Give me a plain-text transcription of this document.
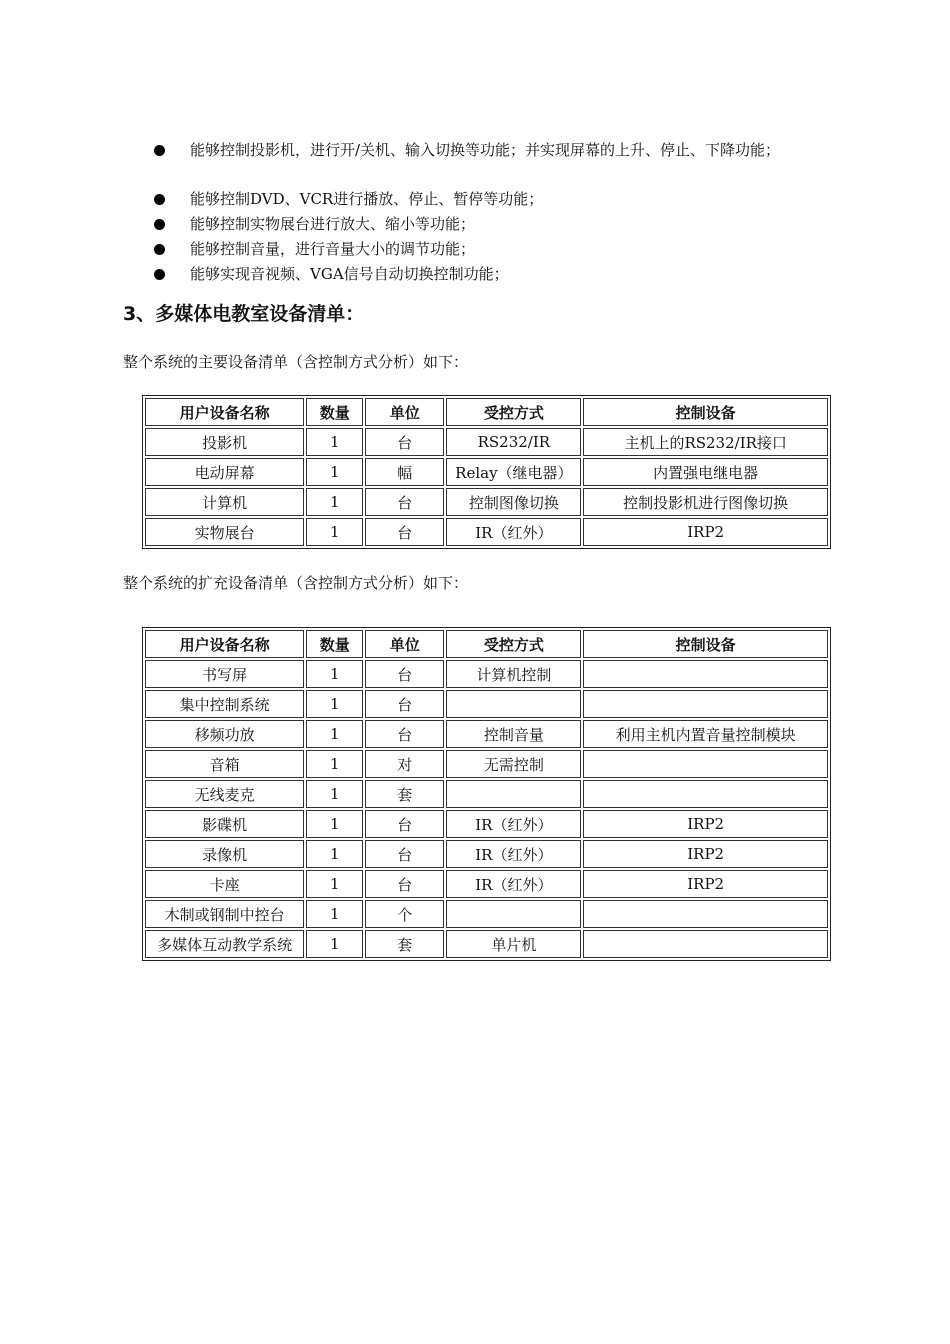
能够控制投影机，进行开/关机、输入切换等功能；并实现屏幕的上升、停止、下降功能；
能够控制DVD、VCR进行播放、停止、暂停等功能；
能够控制实物展台进行放大、缩小等功能；
能够控制音量，进行音量大小的调节功能；
能够实现音视频、VGA信号自动切换控制功能；
3、多媒体电教室设备清单：
整个系统的主要设备清单（含控制方式分析）如下：
用户设备名称	数量	单位	受控方式	控制设备
投影机	1	台	RS232/IR	主机上的RS232/IR接口
电动屏幕	1	幅	Relay（继电器）	内置强电继电器
计算机	1	台	控制图像切换	控制投影机进行图像切换
实物展台	1	台	IR（红外）	IRP2
整个系统的扩充设备清单（含控制方式分析）如下：
用户设备名称	数量	单位	受控方式	控制设备
书写屏	1	台	计算机控制	
集中控制系统	1	台		
移频功放	1	台	控制音量	利用主机内置音量控制模块
音箱	1	对	无需控制	
无线麦克	1	套		
影碟机	1	台	IR（红外）	IRP2
录像机	1	台	IR（红外）	IRP2
卡座	1	台	IR（红外）	IRP2
木制或钢制中控台	1	个		
多媒体互动教学系统	1	套	单片机	
